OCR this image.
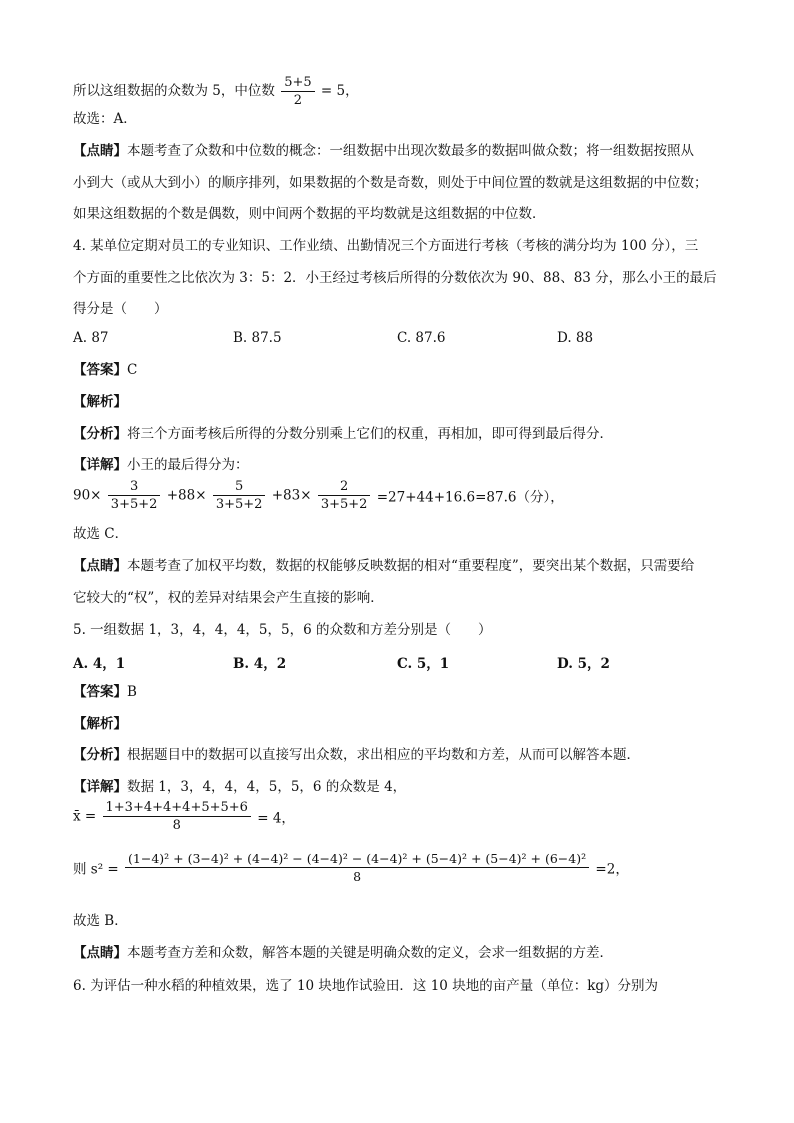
所以这组数据的众数为 5，中位数 $\frac{5+5}{2} = 5$，
故选：A．
【点睛】本题考查了众数和中位数的概念：一组数据中出现次数最多的数据叫做众数；将一组数据按照从
小到大（或从大到小）的顺序排列，如果数据的个数是奇数，则处于中间位置的数就是这组数据的中位数；
如果这组数据的个数是偶数，则中间两个数据的平均数就是这组数据的中位数．
4. 某单位定期对员工的专业知识、工作业绩、出勤情况三个方面进行考核（考核的满分均为 100 分），三
个方面的重要性之比依次为 3：5：2．小王经过考核后所得的分数依次为 90、88、83 分，那么小王的最后
得分是（　　）
A. 87	B. 87.5	C. 87.6	D. 88
【答案】C
【解析】
【分析】将三个方面考核后所得的分数分别乘上它们的权重，再相加，即可得到最后得分．
【详解】小王的最后得分为：
$90\times \frac{3}{3+5+2} +88\times \frac{5}{3+5+2} +83\times \frac{2}{3+5+2} =27+44+16.6=87.6$（分），
故选 C．
【点睛】本题考查了加权平均数，数据的权能够反映数据的相对“重要程度”，要突出某个数据，只需要给
它较大的“权”，权的差异对结果会产生直接的影响．
5. 一组数据 1，3，4，4，4，5，5，6 的众数和方差分别是（　　）
A. 4，1	B. 4，2	C. 5，1	D. 5，2
【答案】B
【解析】
【分析】根据题目中的数据可以直接写出众数，求出相应的平均数和方差，从而可以解答本题．
【详解】数据 1，3，4，4，4，5，5，6 的众数是 4，
x̄ = $\frac{1+3+4+4+4+5+5+6}{8} = 4$，
则 s² =
(1−4)² + (3−4)² + (4−4)² − (4−4)² − (4−4)² + (5−4)² + (5−4)² + (6−4)²
8	=2，
故选 B．
【点睛】本题考查方差和众数，解答本题的关键是明确众数的定义，会求一组数据的方差．
6. 为评估一种水稻的种植效果，选了 10 块地作试验田．这 10 块地的亩产量（单位：kg）分别为
